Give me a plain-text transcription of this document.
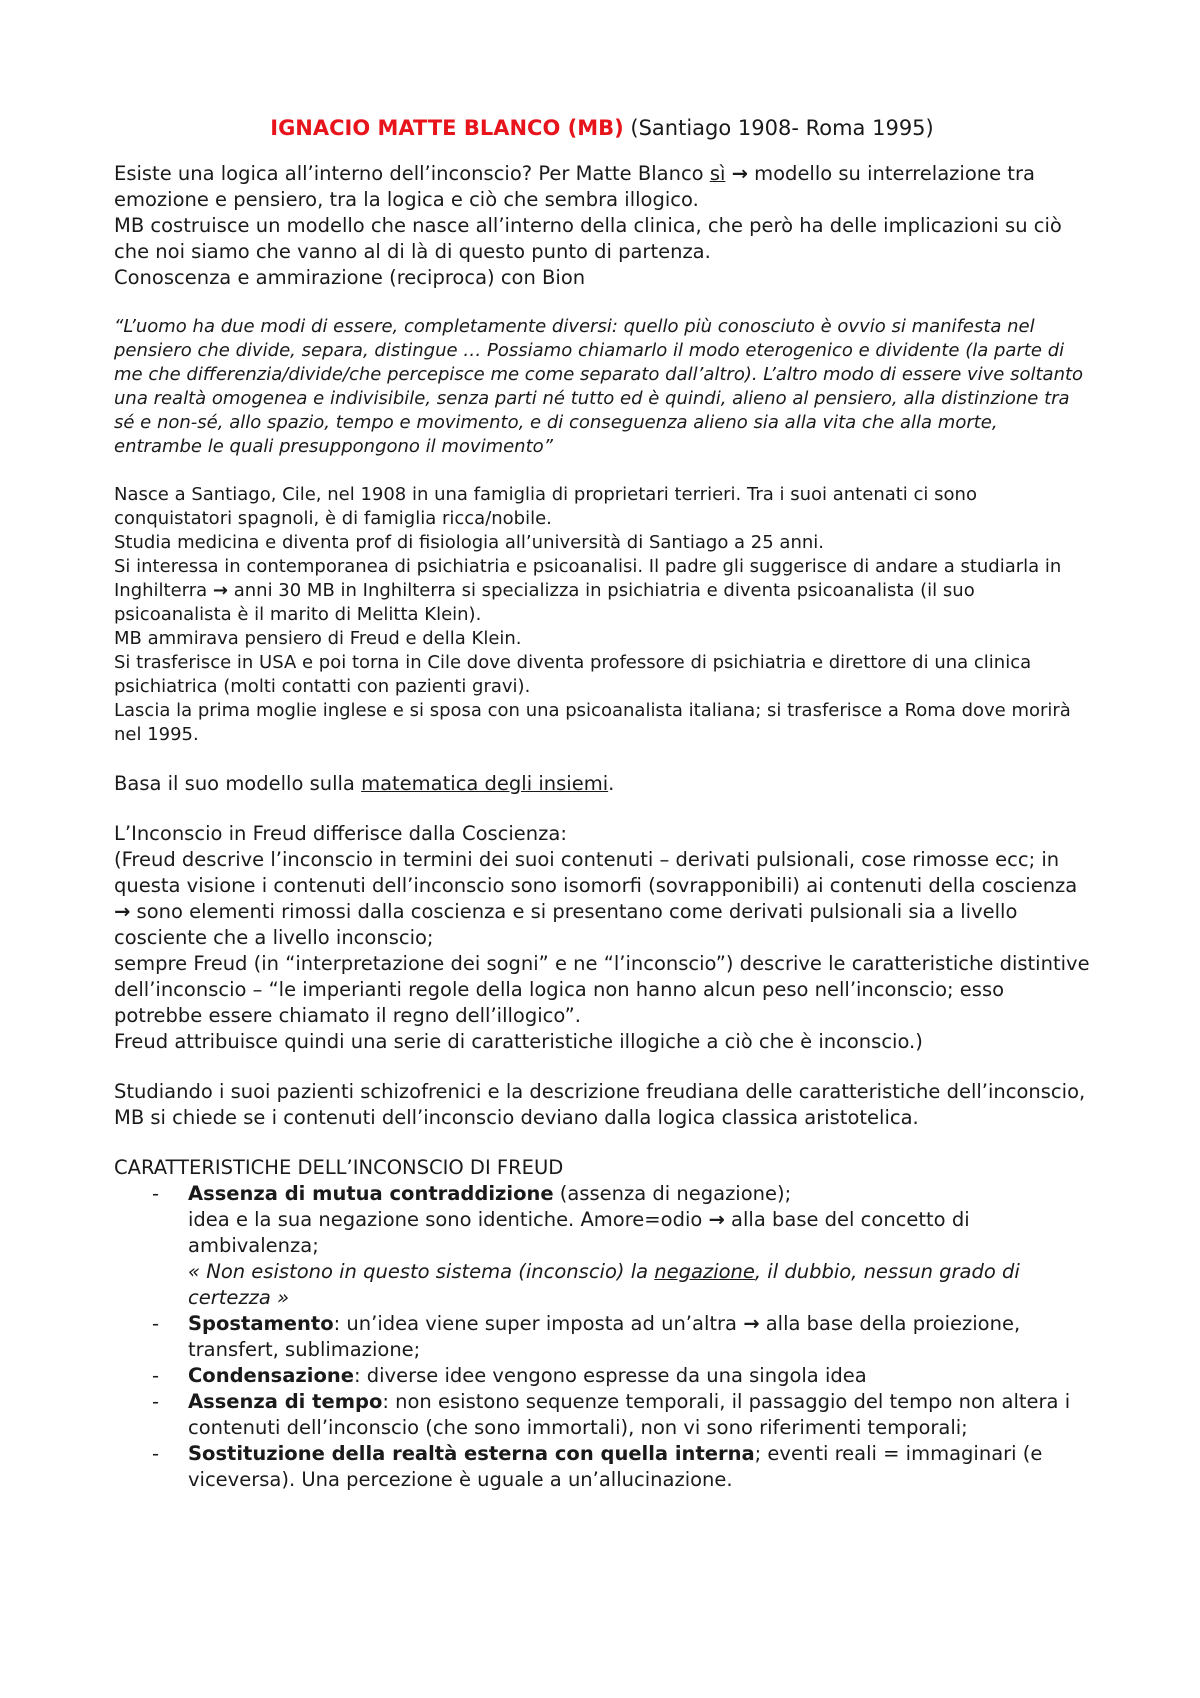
IGNACIO MATTE BLANCO (MB) (Santiago 1908- Roma 1995)

Esiste una logica all’interno dell’inconscio? Per Matte Blanco sì → modello su interrelazione tra emozione e pensiero, tra la logica e ciò che sembra illogico.

MB costruisce un modello che nasce all’interno della clinica, che però ha delle implicazioni su ciò che noi siamo che vanno al di là di questo punto di partenza.

Conoscenza e ammirazione (reciproca) con Bion

“L’uomo ha due modi di essere, completamente diversi: quello più conosciuto è ovvio si manifesta nel pensiero che divide, separa, distingue … Possiamo chiamarlo il modo eterogenico e dividente (la parte di me che differenzia/divide/che percepisce me come separato dall’altro). L’altro modo di essere vive soltanto una realtà omogenea e indivisibile, senza parti né tutto ed è quindi, alieno al pensiero, alla distinzione tra sé e non-sé, allo spazio, tempo e movimento, e di conseguenza alieno sia alla vita che alla morte, entrambe le quali presuppongono il movimento”

Nasce a Santiago, Cile, nel 1908 in una famiglia di proprietari terrieri. Tra i suoi antenati ci sono conquistatori spagnoli, è di famiglia ricca/nobile.

Studia medicina e diventa prof di fisiologia all’università di Santiago a 25 anni.

Si interessa in contemporanea di psichiatria e psicoanalisi. Il padre gli suggerisce di andare a studiarla in Inghilterra → anni 30 MB in Inghilterra si specializza in psichiatria e diventa psicoanalista (il suo psicoanalista è il marito di Melitta Klein).

MB ammirava pensiero di Freud e della Klein.

Si trasferisce in USA e poi torna in Cile dove diventa professore di psichiatria e direttore di una clinica psichiatrica (molti contatti con pazienti gravi).

Lascia la prima moglie inglese e si sposa con una psicoanalista italiana; si trasferisce a Roma dove morirà nel 1995.

Basa il suo modello sulla matematica degli insiemi.

L’Inconscio in Freud differisce dalla Coscienza:

(Freud descrive l’inconscio in termini dei suoi contenuti – derivati pulsionali, cose rimosse ecc; in questa visione i contenuti dell’inconscio sono isomorfi (sovrapponibili) ai contenuti della coscienza → sono elementi rimossi dalla coscienza e si presentano come derivati pulsionali sia a livello cosciente che a livello inconscio;

sempre Freud (in “interpretazione dei sogni” e ne “l’inconscio”) descrive le caratteristiche distintive dell’inconscio – “le imperianti regole della logica non hanno alcun peso nell’inconscio; esso potrebbe essere chiamato il regno dell’illogico”.

Freud attribuisce quindi una serie di caratteristiche illogiche a ciò che è inconscio.)

Studiando i suoi pazienti schizofrenici e la descrizione freudiana delle caratteristiche dell’inconscio, MB si chiede se i contenuti dell’inconscio deviano dalla logica classica aristotelica.

CARATTERISTICHE DELL’INCONSCIO DI FREUD

- Assenza di mutua contraddizione (assenza di negazione);
idea e la sua negazione sono identiche. Amore=odio → alla base del concetto di ambivalenza;
« Non esistono in questo sistema (inconscio) la negazione, il dubbio, nessun grado di certezza »
- Spostamento: un’idea viene super imposta ad un’altra → alla base della proiezione, transfert, sublimazione;
- Condensazione: diverse idee vengono espresse da una singola idea
- Assenza di tempo: non esistono sequenze temporali, il passaggio del tempo non altera i contenuti dell’inconscio (che sono immortali), non vi sono riferimenti temporali;
- Sostituzione della realtà esterna con quella interna; eventi reali = immaginari (e viceversa). Una percezione è uguale a un’allucinazione.
